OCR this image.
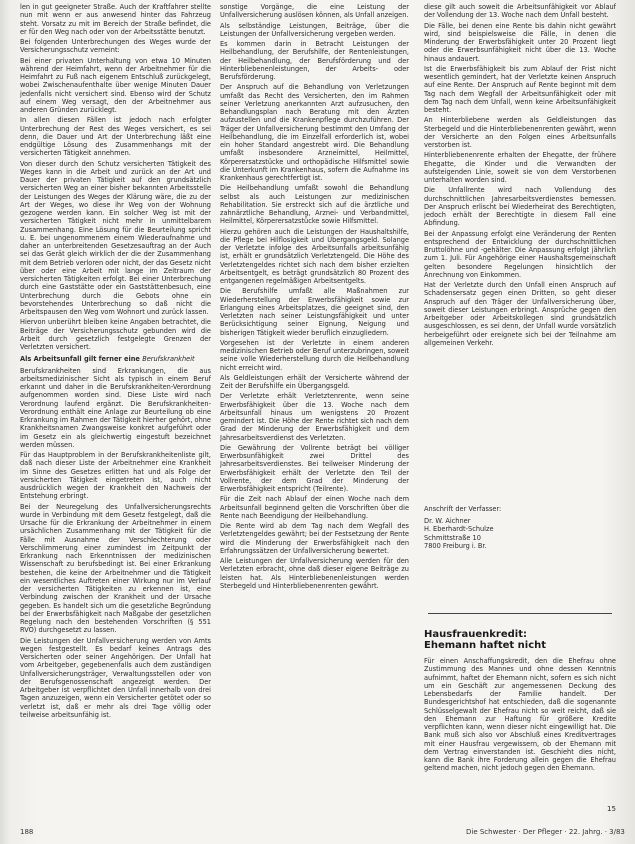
len in gut geeigneter Straße. Auch der Kraftfahrer stellte nun mit wenn er aus anwesend hinter das Fahrzeug steht. Vorsatz zu mit im Bereich der Straße befindet, die er für den Weg nach oder von der Arbeitsstätte benutzt.

Bei folgenden Unterbrechungen des Weges wurde der Versicherungsschutz verneint:

Bei einer privaten Unterhaltung von etwa 10 Minuten während der Heimfahrt, wenn der Arbeitnehmer für die Heimfahrt zu Fuß nach eigenem Entschluß zurückgelegt, wobei Zwischenaufenthalte über wenige Minuten Dauer jedenfalls nicht versichert sind. Ebenso wird der Schutz auf einem Weg versagt, den der Arbeitnehmer aus anderen Gründen zurücklegt.

In allen diesen Fällen ist jedoch nach erfolgter Unterbrechung der Rest des Weges versichert, es sei denn, die Dauer und Art der Unterbrechung läßt eine endgültige Lösung des Zusammenhangs mit der versicherten Tätigkeit annehmen.

Von dieser durch den Schutz versicherten Tätigkeit des Weges kann in die Arbeit und zurück an der Art und Dauer der privaten Tätigkeit auf den grundsätzlich versicherten Weg an einer bisher bekannten Arbeitsstelle der Leistungen des Weges der Klärung wäre, die zu der Art der Weges, wo diese ihr Weg von der Wohnung gezogene werden kann. Ein solcher Weg ist mit der versicherten Tätigkeit nicht mehr in unmittelbarem Zusammenhang. Eine Lösung für die Beurteilung spricht u. E. bei ungenommenem einem Wiederaufnahme und daher an unterbreitenden Gesetzesauftrag an der Auch sei das Gerät gleich wirklich der die der Zusammenhang mit dem Betrieb verloren oder nicht, der das Gesetz nicht über oder eine Arbeit mit lange im Zeitraum der versicherten Tätigkeiten erfolgt. Bei einer Unterbrechung durch eine Gaststätte oder ein Gaststättenbesuch, eine Unterbrechung durch die Gebots ohne ein bevorstehendes Unterbrechung so daß nicht die Arbeitspausen den Weg vom Wohnort und zurück lassen.

Hiervon unberührt bleiben keine Angaben betrachtet, die Beiträge der Versicherungsschutz gebunden wird die Arbeit durch gesetzlich festgelegte Grenzen der Verletzten versichert.

Als Arbeitsunfall gilt ferner eine Berufskrankheit

Berufskrankheiten sind Erkrankungen, die aus arbeitsmedizinischer Sicht als typisch in einem Beruf erkannt und daher in die Berufskrankheiten-Verordnung aufgenommen worden sind. Diese Liste wird nach Verordnung laufend ergänzt. Die Berufskrankheiten-Verordnung enthält eine Anlage zur Beurteilung ob eine Erkrankung im Rahmen der Tätigkeit hierher gehört, ohne Krankheitsnamen Zwangsweise konkret aufgeführt oder im Gesetz ein als gleichwertig eingestuft bezeichnet werden müssen.

Für das Hauptproblem in der Berufskrankheitenliste gilt, daß nach dieser Liste der Arbeitnehmer eine Krankheit im Sinne des Gesetzes erlitten hat und als Folge der versicherten Tätigkeit eingetreten ist, auch nicht ausdrücklich wegen der Krankheit den Nachweis der Entstehung erbringt.

Bei der Neuregelung des Unfallversicherungsrechts wurde in Verbindung mit dem Gesetz festgelegt, daß die Ursache für die Erkrankung der Arbeitnehmer in einem ursächlichen Zusammenhang mit der Tätigkeit für die Fälle mit Ausnahme der Verschlechterung oder Verschlimmerung einer zumindest im Zeitpunkt der Erkrankung nach Erkenntnissen der medizinischen Wissenschaft zu berufsbedingt ist. Bei einer Erkrankung bestehen, die keine der Arbeitnehmer und die Tätigkeit ein wesentliches Auftreten einer Wirkung nur im Verlauf der versicherten Tätigkeiten zu erkennen ist, eine Verbindung zwischen der Krankheit und der Ursache gegeben. Es handelt sich um die gesetzliche Begründung bei der Erwerbsfähigkeit nach Maßgabe der gesetzlichen Regelung nach den bestehenden Vorschriften (§ 551 RVO) durchgesetzt zu lassen.

Die Leistungen der Unfallversicherung werden von Amts wegen festgestellt. Es bedarf keines Antrags des Versicherten oder seiner Angehörigen. Der Unfall hat vom Arbeitgeber, gegebenenfalls auch dem zuständigen Unfallversicherungsträger, Verwaltungsstellen oder von der Berufsgenossenschaft angezeigt werden. Der Arbeitgeber ist verpflichtet den Unfall innerhalb von drei Tagen anzuzeigen, wenn ein Versicherter getötet oder so verletzt ist, daß er mehr als drei Tage völlig oder teilweise arbeitsunfähig ist.

sonstige Vorgänge, die eine Leistung der Unfallversicherung auslösen können, als Unfall anzeigen.

Als selbständige Leistungen, Beiträge, über die Leistungen der Unfallversicherung vergeben werden.

Es kommen darin in Betracht Leistungen der Heilbehandlung, der Berufshilfe, der Rentenleistungen, der Heilbehandlung, der Berufsförderung und der Hinterbliebenenleistungen, der Arbeits- oder Berufsförderung.

Der Anspruch auf die Behandlung von Verletzungen umfaßt das Recht des Versicherten, den im Rahmen seiner Verletzung anerkannten Arzt aufzusuchen, den Behandlungsplan nach Beratung mit den Ärzten aufzustellen und die Krankenpflege durchzuführen. Der Träger der Unfallversicherung bestimmt den Umfang der Heilbehandlung, die im Einzelfall erforderlich ist, wobei ein hoher Standard angestrebt wird. Die Behandlung umfaßt insbesondere Arzneimittel, Heilmittel, Körperersatzstücke und orthopädische Hilfsmittel sowie die Unterkunft im Krankenhaus, sofern die Aufnahme ins Krankenhaus gerechtfertigt ist.

Die Heilbehandlung umfaßt sowohl die Behandlung selbst als auch Leistungen zur medizinischen Rehabilitation. Sie erstreckt sich auf die ärztliche und zahnärztliche Behandlung, Arznei- und Verbandmittel, Heilmittel, Körperersatzstücke sowie Hilfsmittel.

Hierzu gehören auch die Leistungen der Haushaltshilfe, die Pflege bei Hilflosigkeit und Übergangsgeld. Solange der Verletzte infolge des Arbeitsunfalls arbeitsunfähig ist, erhält er grundsätzlich Verletztengeld. Die Höhe des Verletztengeldes richtet sich nach dem bisher erzielten Arbeitsentgelt, es beträgt grundsätzlich 80 Prozent des entgangenen regelmäßigen Arbeitsentgelts.

Die Berufshilfe umfaßt alle Maßnahmen zur Wiederherstellung der Erwerbsfähigkeit sowie zur Erlangung eines Arbeitsplatzes, die geeignet sind, den Verletzten nach seiner Leistungsfähigkeit und unter Berücksichtigung seiner Eignung, Neigung und bisherigen Tätigkeit wieder beruflich einzugliedern.

Vorgesehen ist der Verletzte in einem anderen medizinischen Betrieb oder Beruf unterzubringen, soweit seine volle Wiederherstellung durch die Heilbehandlung nicht erreicht wird.

Als Geldleistungen erhält der Versicherte während der Zeit der Berufshilfe ein Übergangsgeld.

Der Verletzte erhält Verletztenrente, wenn seine Erwerbsfähigkeit über die 13. Woche nach dem Arbeitsunfall hinaus um wenigstens 20 Prozent gemindert ist. Die Höhe der Rente richtet sich nach dem Grad der Minderung der Erwerbsfähigkeit und dem Jahresarbeitsverdienst des Verletzten.

Die Gewährung der Vollrente beträgt bei völliger Erwerbsunfähigkeit zwei Drittel des Jahresarbeitsverdienstes. Bei teilweiser Minderung der Erwerbsfähigkeit erhält der Verletzte den Teil der Vollrente, der dem Grad der Minderung der Erwerbsfähigkeit entspricht (Teilrente).

Für die Zeit nach Ablauf der einen Woche nach dem Arbeitsunfall beginnend gelten die Vorschriften über die Rente nach Beendigung der Heilbehandlung.

Die Rente wird ab dem Tag nach dem Wegfall des Verletztengeldes gewährt; bei der Festsetzung der Rente wird die Minderung der Erwerbsfähigkeit nach den Erfahrungssätzen der Unfallversicherung bewertet.

Alle Leistungen der Unfallversicherung werden für den Verletzten erbracht, ohne daß dieser eigene Beiträge zu leisten hat. Als Hinterbliebenenleistungen werden Sterbegeld und Hinterbliebenenrenten gewährt.

diese gilt auch soweit die Arbeitsunfähigkeit vor Ablauf der Vollendung der 13. Woche nach dem Unfall besteht.

Die Fälle, bei denen eine Rente bis dahin nicht gewährt wird, sind beispielsweise die Fälle, in denen die Minderung der Erwerbsfähigkeit unter 20 Prozent liegt oder die Erwerbsunfähigkeit nicht über die 13. Woche hinaus andauert.

Ist die Erwerbsfähigkeit bis zum Ablauf der Frist nicht wesentlich gemindert, hat der Verletzte keinen Anspruch auf eine Rente. Der Anspruch auf Rente beginnt mit dem Tag nach dem Wegfall der Arbeitsunfähigkeit oder mit dem Tag nach dem Unfall, wenn keine Arbeitsunfähigkeit besteht.

An Hinterbliebene werden als Geldleistungen das Sterbegeld und die Hinterbliebenenrenten gewährt, wenn der Versicherte an den Folgen eines Arbeitsunfalls verstorben ist.

Hinterbliebenenrente erhalten der Ehegatte, der frühere Ehegatte, die Kinder und die Verwandten der aufsteigenden Linie, soweit sie von dem Verstorbenen unterhalten worden sind.

Die Unfallrente wird nach Vollendung des durchschnittlichen Jahresarbeitsverdienstes bemessen. Der Anspruch erlischt bei Wiederheirat des Berechtigten, jedoch erhält der Berechtigte in diesem Fall eine Abfindung.

Bei der Anpassung erfolgt eine Veränderung der Renten entsprechend der Entwicklung der durchschnittlichen Bruttolöhne und -gehälter. Die Anpassung erfolgt jährlich zum 1. Juli. Für Angehörige einer Haushaltsgemeinschaft gelten besondere Regelungen hinsichtlich der Anrechnung von Einkommen.

Hat der Verletzte durch den Unfall einen Anspruch auf Schadensersatz gegen einen Dritten, so geht dieser Anspruch auf den Träger der Unfallversicherung über, soweit dieser Leistungen erbringt. Ansprüche gegen den Arbeitgeber oder Arbeitskollegen sind grundsätzlich ausgeschlossen, es sei denn, der Unfall wurde vorsätzlich herbeigeführt oder ereignete sich bei der Teilnahme am allgemeinen Verkehr.

Anschrift der Verfasser:
Dr. W. Aichner
H. Eberhardt-Schulze
Schmittstraße 10
7800 Freiburg i. Br.
Hausfrauenkredit:
Ehemann haftet nicht
Für einen Anschaffungskredit, den die Ehefrau ohne Zustimmung des Mannes und ohne dessen Kenntnis aufnimmt, haftet der Ehemann nicht, sofern es sich nicht um ein Geschäft zur angemessenen Deckung des Lebensbedarfs der Familie handelt. Der Bundesgerichtshof hat entschieden, daß die sogenannte Schlüsselgewalt der Ehefrau nicht so weit reicht, daß sie den Ehemann zur Haftung für größere Kredite verpflichten kann, wenn dieser nicht eingewilligt hat. Die Bank muß sich also vor Abschluß eines Kreditvertrages mit einer Hausfrau vergewissern, ob der Ehemann mit dem Vertrag einverstanden ist. Geschieht dies nicht, kann die Bank ihre Forderung allein gegen die Ehefrau geltend machen, nicht jedoch gegen den Ehemann.
15
188	Die Schwester · Der Pfleger · 22. Jahrg. · 3/83
